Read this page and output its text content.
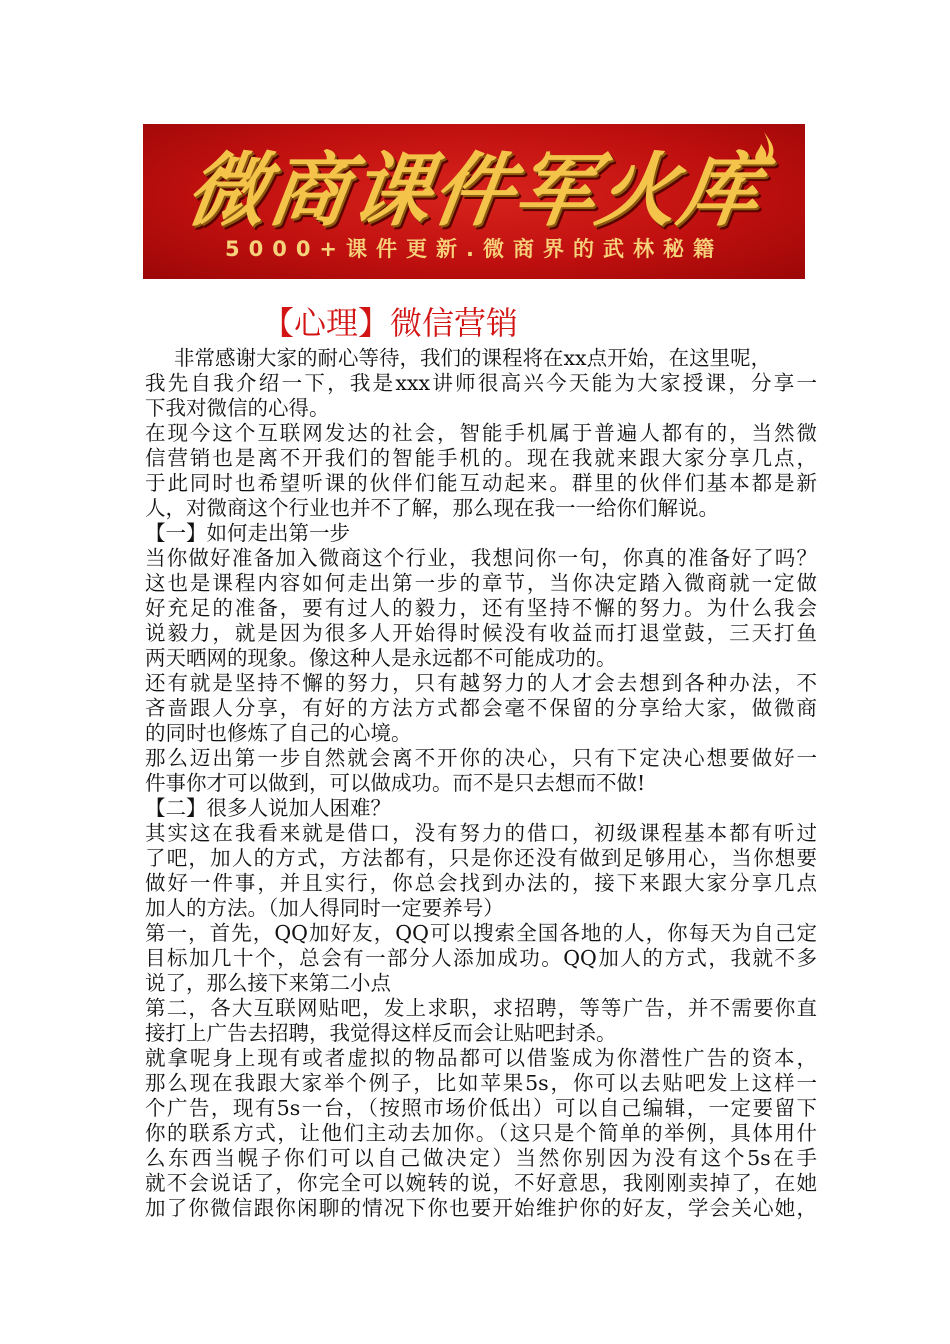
微商课件军火库
5000+课件更新.微商界的武林秘籍
【心理】微信营销
非常感谢大家的耐心等待，我们的课程将在xx点开始，在这里呢，
我先自我介绍一下，我是xxx讲师很高兴今天能为大家授课，分享一
下我对微信的心得。
在现今这个互联网发达的社会，智能手机属于普遍人都有的，当然微
信营销也是离不开我们的智能手机的。现在我就来跟大家分享几点，
于此同时也希望听课的伙伴们能互动起来。群里的伙伴们基本都是新
人，对微商这个行业也并不了解，那么现在我一一给你们解说。
【一】如何走出第一步
当你做好准备加入微商这个行业，我想问你一句，你真的准备好了吗？
这也是课程内容如何走出第一步的章节，当你决定踏入微商就一定做
好充足的准备，要有过人的毅力，还有坚持不懈的努力。为什么我会
说毅力，就是因为很多人开始得时候没有收益而打退堂鼓，三天打鱼
两天晒网的现象。像这种人是永远都不可能成功的。
还有就是坚持不懈的努力，只有越努力的人才会去想到各种办法，不
吝啬跟人分享，有好的方法方式都会毫不保留的分享给大家，做微商
的同时也修炼了自己的心境。
那么迈出第一步自然就会离不开你的决心，只有下定决心想要做好一
件事你才可以做到，可以做成功。而不是只去想而不做!
【二】很多人说加人困难？
其实这在我看来就是借口，没有努力的借口，初级课程基本都有听过
了吧，加人的方式，方法都有，只是你还没有做到足够用心，当你想要
做好一件事，并且实行，你总会找到办法的，接下来跟大家分享几点
加人的方法。（加人得同时一定要养号）
第一，首先，QQ加好友，QQ可以搜索全国各地的人，你每天为自己定
目标加几十个，总会有一部分人添加成功。QQ加人的方式，我就不多
说了，那么接下来第二小点
第二，各大互联网贴吧，发上求职，求招聘，等等广告，并不需要你直
接打上广告去招聘，我觉得这样反而会让贴吧封杀。
就拿呢身上现有或者虚拟的物品都可以借鉴成为你潜性广告的资本，
那么现在我跟大家举个例子，比如苹果5s，你可以去贴吧发上这样一
个广告，现有5s一台，（按照市场价低出）可以自己编辑，一定要留下
你的联系方式，让他们主动去加你。（这只是个简单的举例，具体用什
么东西当幌子你们可以自己做决定）当然你别因为没有这个5s在手
就不会说话了，你完全可以婉转的说，不好意思，我刚刚卖掉了，在她
加了你微信跟你闲聊的情况下你也要开始维护你的好友，学会关心她，
